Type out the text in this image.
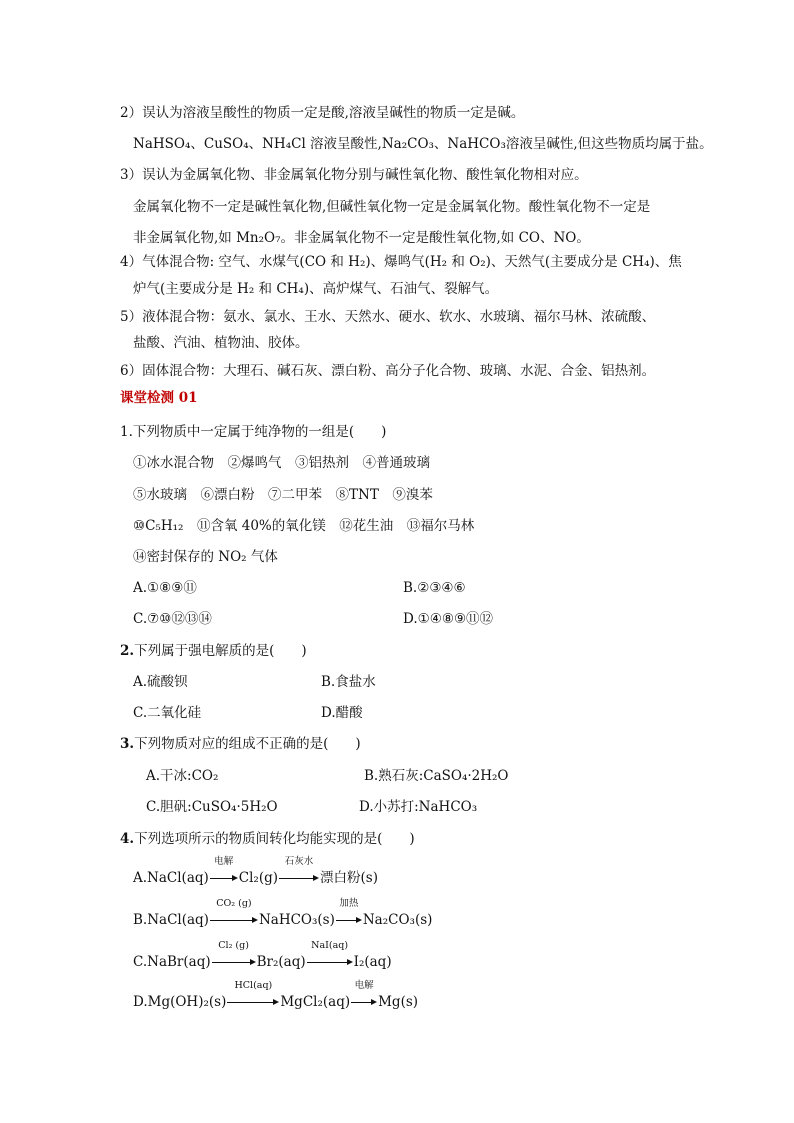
2）误认为溶液呈酸性的物质一定是酸,溶液呈碱性的物质一定是碱。
NaHSO₄、CuSO₄、NH₄Cl 溶液呈酸性,Na₂CO₃、NaHCO₃溶液呈碱性,但这些物质均属于盐。
3）误认为金属氧化物、非金属氧化物分别与碱性氧化物、酸性氧化物相对应。
金属氧化物不一定是碱性氧化物,但碱性氧化物一定是金属氧化物。酸性氧化物不一定是
非金属氧化物,如 Mn₂O₇。非金属氧化物不一定是酸性氧化物,如 CO、NO。
4）气体混合物: 空气、水煤气(CO 和 H₂)、爆鸣气(H₂ 和 O₂)、天然气(主要成分是 CH₄)、焦
炉气(主要成分是 H₂ 和 CH₄)、高炉煤气、石油气、裂解气。
5）液体混合物：氨水、氯水、王水、天然水、硬水、软水、水玻璃、福尔马林、浓硫酸、
盐酸、汽油、植物油、胶体。
6）固体混合物：大理石、碱石灰、漂白粉、高分子化合物、玻璃、水泥、合金、铝热剂。
课堂检测 01
1.下列物质中一定属于纯净物的一组是(　　)
①冰水混合物　②爆鸣气　③铝热剂　④普通玻璃
⑤水玻璃　⑥漂白粉　⑦二甲苯　⑧TNT　⑨溴苯
⑩C₅H₁₂　⑪含氧 40%的氧化镁　⑫花生油　⑬福尔马林
⑭密封保存的 NO₂ 气体
A.①⑧⑨⑪	B.②③④⑥
C.⑦⑩⑫⑬⑭	D.①④⑧⑨⑪⑫
2.下列属于强电解质的是(　　)
A.硫酸钡	B.食盐水
C.二氧化硅	D.醋酸
3.下列物质对应的组成不正确的是(　　)
A.干冰:CO₂	B.熟石灰:CaSO₄·2H₂O
C.胆矾:CuSO₄·5H₂O	D.小苏打:NaHCO₃
4.下列选项所示的物质间转化均能实现的是(　　)
A.NaCl(aq)
电解
Cl₂(g)
石灰水
漂白粉(s)
B.NaCl(aq)
CO₂ (g)
NaHCO₃(s)
加热
Na₂CO₃(s)
C.NaBr(aq)
Cl₂ (g)
Br₂(aq)
NaI(aq)
I₂(aq)
D.Mg(OH)₂(s)
HCl(aq)
MgCl₂(aq)
电解
Mg(s)
